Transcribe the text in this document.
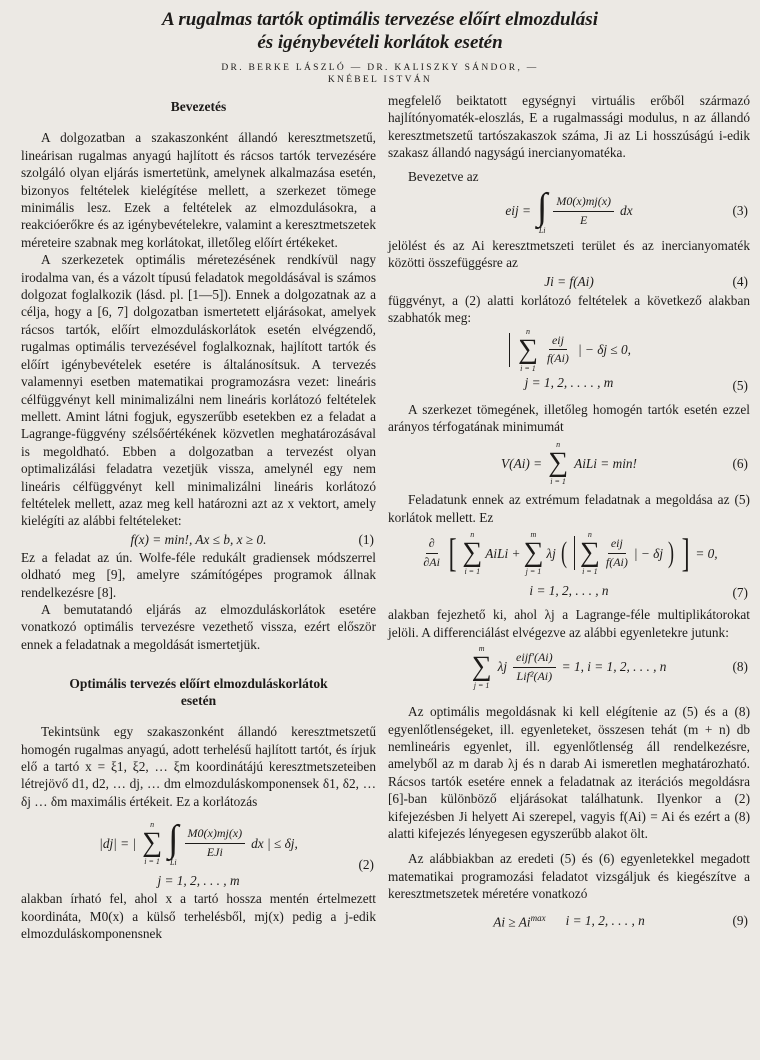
A rugalmas tartók optimális tervezése előírt elmozdulási
és igénybevételi korlátok esetén
DR. BERKE LÁSZLÓ — DR. KALISZKY SÁNDOR, —
KNÉBEL ISTVÁN
Bevezetés

A dolgozatban a szakaszonként állandó keresztmetszetű, lineárisan rugalmas anyagú hajlított és rácsos tartók tervezésére szolgáló olyan eljárás ismertetünk, amelynek alkalmazása esetén, bizonyos feltételek kielégítése mellett, a szerkezet tömege minimális lesz. Ezek a feltételek az elmozdulásokra, a reakcióerőkre és az igénybevételekre, valamint a keresztmetszetek méreteire szabnak meg korlátokat, illetőleg előírt értékeket.

A szerkezetek optimális méretezésének rendkívül nagy irodalma van, és a vázolt típusú feladatok megoldásával is számos dolgozat foglalkozik (lásd. pl. [1—5]). Ennek a dolgozatnak az a célja, hogy a [6, 7] dolgozatban ismertetett eljárásokat, amelyek rácsos tartók, előírt elmozduláskorlátok esetén elvégzendő, rugalmas optimális tervezésével foglalkoznak, hajlított tartók és előírt igénybevételek esetére is általánosítsuk. A tervezés valamennyi esetben matematikai programozásra vezet: lineáris célfüggvényt kell minimalizálni nem lineáris korlátozó feltételek mellett. Amint látni fogjuk, egyszerűbb esetekben ez a feladat a Lagrange-függvény szélsőértékének közvetlen meghatározásával is megoldható. Ebben a dolgozatban a tervezést olyan optimalizálási feladatra vezetjük vissza, amelynél egy nem lineáris célfüggvényt kell minimalizálni lineáris korlátozó feltételek mellett, azaz meg kell határozni azt az x vektort, amely kielégíti az alábbi feltételeket:

f(x) = min!, Ax ≤ b, x ≥ 0.	(1)

Ez a feladat az ún. Wolfe-féle redukált gradiensek módszerrel oldható meg [9], amelyre számítógépes programok állnak rendelkezésre [8].

A bemutatandó eljárás az elmozduláskorlátok esetére vonatkozó optimális tervezésre vezethető vissza, ezért először ennek a feladatnak a megoldását ismertetjük.

Optimális tervezés előírt elmozduláskorlátok
esetén

Tekintsünk egy szakaszonként állandó keresztmetszetű homogén rugalmas anyagú, adott terhelésű hajlított tartót, és írjuk elő a tartó x = ξ1, ξ2, … ξm koordinátájú keresztmetszeteiben létrejövő d1, d2, … dj, … dm elmozduláskomponensek δ1, δ2, … δj … δm maximális értékeit. Ez a korlátozás

|dj| = |
n
∑
i = 1
∫
Li
$\frac{M0(x)mj(x)}{\text{EJi}}$ dx | ≤ δj,
j = 1, 2, . . . , m
(2)

alakban írható fel, ahol x a tartó hossza mentén értelmezett koordináta, M0(x) a külső terhelésből, mj(x) pedig a j-edik elmozduláskomponensnek

megfelelő beiktatott egységnyi virtuális erőből származó hajlítónyomaték-eloszlás, E a rugalmassági modulus, n az állandó keresztmetszetű tartószakaszok száma, Ji az Li hosszúságú i-edik szakasz állandó nagyságú inercianyomatéka.

Bevezetve az

eij = ∫
Li
$\frac{M0(x)mj(x)}{E}$ dx	(3)

jelölést és az Ai keresztmetszeti terület és az inercianyomaték közötti összefüggésre az

Ji = f(Ai)	(4)

függvényt, a (2) alatti korlátozó feltételek a következő alakban szabhatók meg:

n
∑
i = 1
$\frac{\text{eij}}{f(Ai)}$ | − δj ≤ 0,
j = 1, 2, . . . . , m	(5)

A szerkezet tömegének, illetőleg homogén tartók esetén ezzel arányos térfogatának minimumát

V(Ai) =
n
∑
i = 1
AiLi = min!	(6)

Feladatunk ennek az extrémum feladatnak a megoldása az (5) korlátok mellett. Ez

$\frac{\partial}{\partial Ai}$ [ n
∑
i = 1
AiLi +
m
∑
j = 1
λj (
n
∑
i = 1
$\frac{\text{eij}}{f(Ai)}$ | − δj ) ] = 0,
i = 1, 2, . . . , n	(7)

alakban fejezhető ki, ahol λj a Lagrange-féle multiplikátorokat jelöli. A differenciálást elvégezve az alábbi egyenletekre jutunk:

m
∑
j = 1
λj $\frac{\text{eijf′(Ai)}}{\text{Lif²(Ai)}} = 1$, i = 1, 2, . . . , n	(8)

Az optimális megoldásnak ki kell elégítenie az (5) és a (8) egyenlőtlenségeket, ill. egyenleteket, összesen tehát (m + n) db nemlineáris egyenlet, ill. egyenlőtlenség áll rendelkezésre, amelyből az m darab λj és n darab Ai ismeretlen meghatározható. Rácsos tartók esetére ennek a feladatnak az iterációs megoldásra [6]-ban különböző eljárásokat találhatunk. Ilyenkor a (2) kifejezésben Ji helyett Ai szerepel, vagyis f(Ai) = Ai és ezért a (8) alatti kifejezés lényegesen egyszerűbb alakot ölt.

Az alábbiakban az eredeti (5) és (6) egyenletekkel megadott matematikai programozási feladatot vizsgáljuk és kiegészítve a keresztmetszetek méretére vonatkozó

$Ai \ge Ai^{max}$ i = 1, 2, . . . , n	(9)
